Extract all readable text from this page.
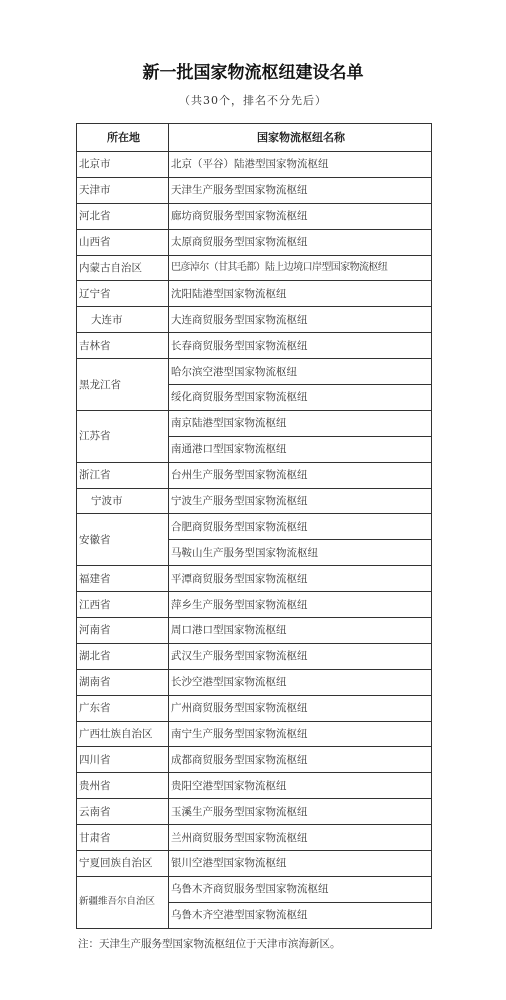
新一批国家物流枢纽建设名单
（共30个，排名不分先后）
所在地	国家物流枢纽名称
北京市	北京（平谷）陆港型国家物流枢纽
天津市	天津生产服务型国家物流枢纽
河北省	廊坊商贸服务型国家物流枢纽
山西省	太原商贸服务型国家物流枢纽
内蒙古自治区	巴彦淖尔（甘其毛都）陆上边境口岸型国家物流枢纽
辽宁省	沈阳陆港型国家物流枢纽
大连市	大连商贸服务型国家物流枢纽
吉林省	长春商贸服务型国家物流枢纽
黑龙江省	哈尔滨空港型国家物流枢纽
	绥化商贸服务型国家物流枢纽
江苏省	南京陆港型国家物流枢纽
	南通港口型国家物流枢纽
浙江省	台州生产服务型国家物流枢纽
宁波市	宁波生产服务型国家物流枢纽
安徽省	合肥商贸服务型国家物流枢纽
	马鞍山生产服务型国家物流枢纽
福建省	平潭商贸服务型国家物流枢纽
江西省	萍乡生产服务型国家物流枢纽
河南省	周口港口型国家物流枢纽
湖北省	武汉生产服务型国家物流枢纽
湖南省	长沙空港型国家物流枢纽
广东省	广州商贸服务型国家物流枢纽
广西壮族自治区	南宁生产服务型国家物流枢纽
四川省	成都商贸服务型国家物流枢纽
贵州省	贵阳空港型国家物流枢纽
云南省	玉溪生产服务型国家物流枢纽
甘肃省	兰州商贸服务型国家物流枢纽
宁夏回族自治区	银川空港型国家物流枢纽
新疆维吾尔自治区	乌鲁木齐商贸服务型国家物流枢纽
	乌鲁木齐空港型国家物流枢纽
注：天津生产服务型国家物流枢纽位于天津市滨海新区。
